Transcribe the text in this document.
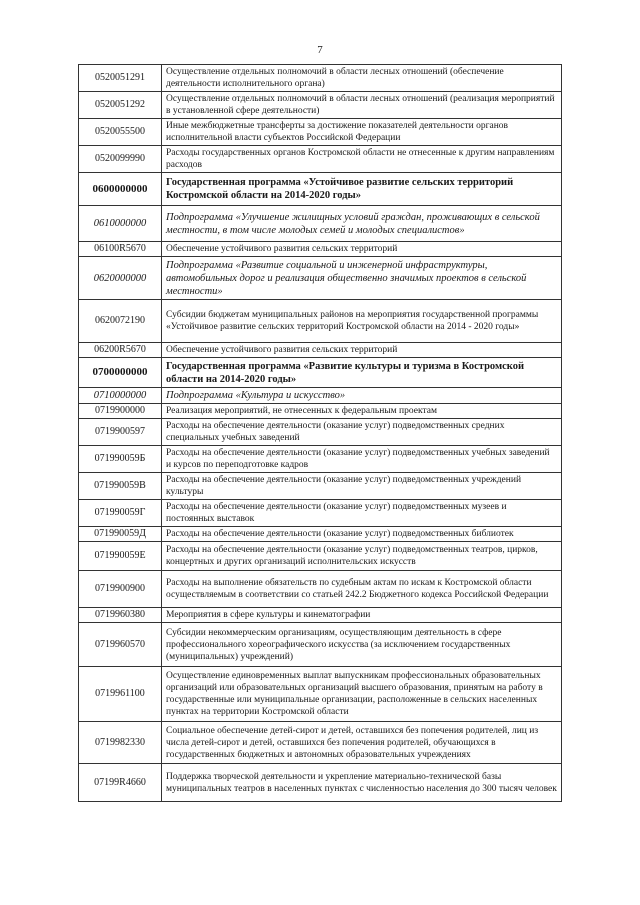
7
0520051291	Осуществление отдельных полномочий в области лесных отношений (обеспечение деятельности исполнительного органа)
0520051292	Осуществление отдельных полномочий в области лесных отношений (реализация мероприятий в установленной сфере деятельности)
0520055500	Иные межбюджетные трансферты за достижение показателей деятельности органов исполнительной власти субъектов Российской Федерации
0520099990	Расходы государственных органов Костромской области не отнесенные к другим направлениям расходов
0600000000	Государственная программа «Устойчивое развитие сельских территорий Костромской области на 2014-2020 годы»
0610000000	Подпрограмма «Улучшение жилищных условий граждан, проживающих в сельской местности, в том числе молодых семей и молодых специалистов»
06100R5670	Обеспечение устойчивого развития сельских территорий
0620000000	Подпрограмма «Развитие социальной и инженерной инфраструктуры, автомобильных дорог и реализация общественно значимых проектов в сельской местности»
0620072190	Субсидии бюджетам муниципальных районов на мероприятия государственной программы «Устойчивое развитие сельских территорий Костромской области на 2014 - 2020 годы»
06200R5670	Обеспечение устойчивого развития сельских территорий
0700000000	Государственная программа «Развитие культуры и туризма в Костромской области на 2014-2020 годы»
0710000000	Подпрограмма «Культура и искусство»
0719900000	Реализация мероприятий, не отнесенных к федеральным проектам
0719900597	Расходы на обеспечение деятельности (оказание услуг) подведомственных средних специальных учебных заведений
071990059Б	Расходы на обеспечение деятельности (оказание услуг) подведомственных учебных заведений и курсов по переподготовке кадров
071990059В	Расходы на обеспечение деятельности (оказание услуг) подведомственных учреждений культуры
071990059Г	Расходы на обеспечение деятельности (оказание услуг) подведомственных музеев и постоянных выставок
071990059Д	Расходы на обеспечение деятельности (оказание услуг) подведомственных библиотек
071990059Е	Расходы на обеспечение деятельности (оказание услуг) подведомственных театров, цирков, концертных и других организаций исполнительских искусств
0719900900	Расходы на выполнение обязательств по судебным актам по искам к Костромской области осуществляемым в соответствии со статьей 242.2 Бюджетного кодекса Российской Федерации
0719960380	Мероприятия в сфере культуры и кинематографии
0719960570	Субсидии некоммерческим организациям, осуществляющим деятельность в сфере профессионального хореографического искусства (за исключением государственных (муниципальных) учреждений)
0719961100	Осуществление единовременных выплат выпускникам профессиональных образовательных организаций или образовательных организаций высшего образования, принятым на работу в государственные или муниципальные организации, расположенные в сельских населенных пунктах на территории Костромской области
0719982330	Социальное обеспечение детей-сирот и детей, оставшихся без попечения родителей, лиц из числа детей-сирот и детей, оставшихся без попечения родителей, обучающихся в государственных бюджетных и автономных образовательных учреждениях
07199R4660	Поддержка творческой деятельности и укрепление материально-технической базы муниципальных театров в населенных пунктах с численностью населения до 300 тысяч человек
